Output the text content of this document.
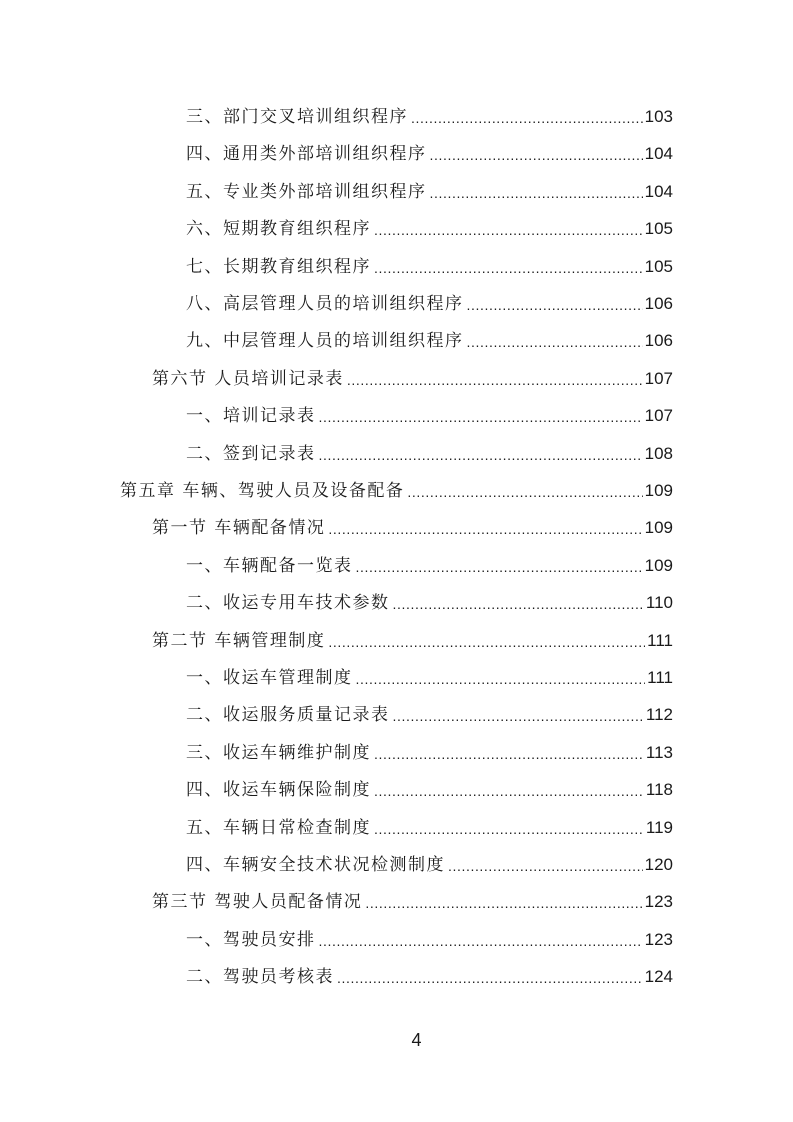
三、部门交叉培训组织程序 .....	103
四、通用类外部培训组织程序 .....	104
五、专业类外部培训组织程序 .....	104
六、短期教育组织程序 .....	105
七、长期教育组织程序 .....	105
八、高层管理人员的培训组织程序 .....	106
九、中层管理人员的培训组织程序 .....	106
第六节 人员培训记录表 .....	107
一、培训记录表 .....	107
二、签到记录表 .....	108
第五章 车辆、驾驶人员及设备配备 .....	109
第一节 车辆配备情况 .....	109
一、车辆配备一览表 .....	109
二、收运专用车技术参数 .....	110
第二节 车辆管理制度 .....	111
一、收运车管理制度 .....	111
二、收运服务质量记录表 .....	112
三、收运车辆维护制度 .....	113
四、收运车辆保险制度 .....	118
五、车辆日常检查制度 .....	119
四、车辆安全技术状况检测制度 .....	120
第三节 驾驶人员配备情况 .....	123
一、驾驶员安排 .....	123
二、驾驶员考核表 .....	124
4
